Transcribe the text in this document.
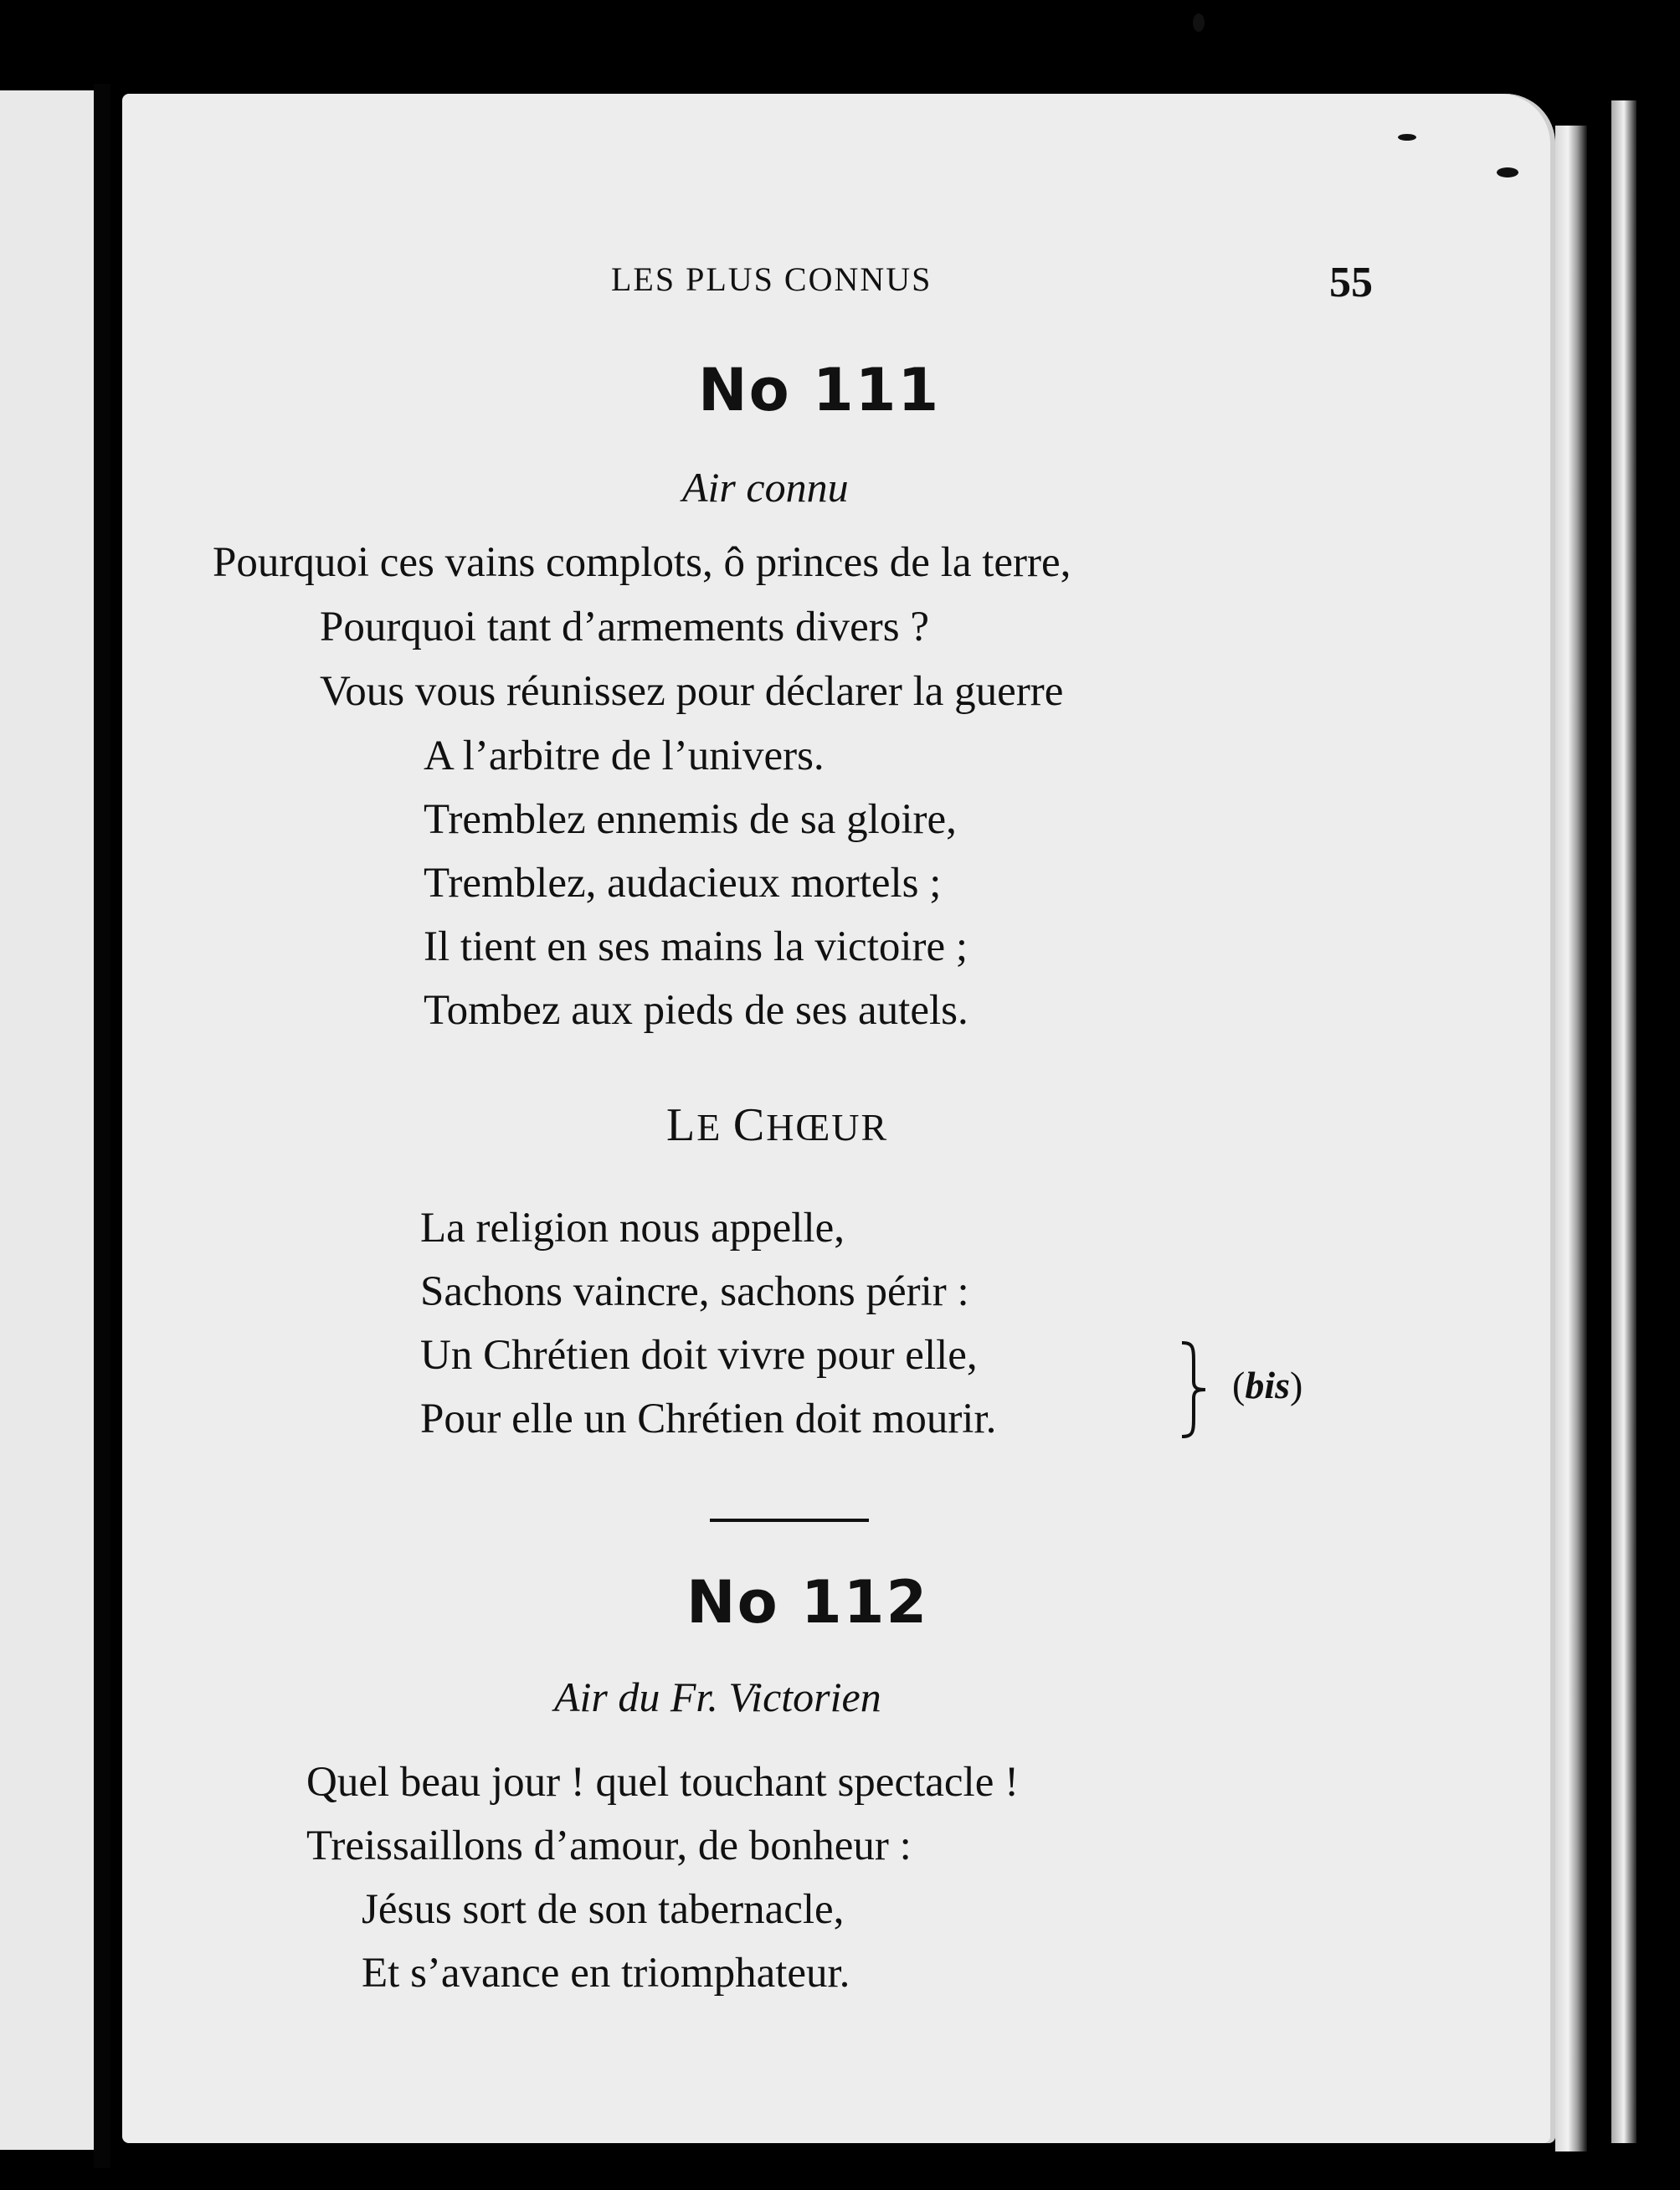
LES PLUS CONNUS	55
No 111
Air connu
Pourquoi ces vains complots, ô princes de la terre,
Pourquoi tant d’armements divers ?
Vous vous réunissez pour déclarer la guerre
A l’arbitre de l’univers.
Tremblez ennemis de sa gloire,
Tremblez, audacieux mortels ;
Il tient en ses mains la victoire ;
Tombez aux pieds de ses autels.
LE CHŒUR
La religion nous appelle,
Sachons vaincre, sachons périr :
Un Chrétien doit vivre pour elle,
Pour elle un Chrétien doit mourir.
(bis)
No 112
Air du Fr. Victorien
Quel beau jour ! quel touchant spectacle !
Treissaillons d’amour, de bonheur :
Jésus sort de son tabernacle,
Et s’avance en triomphateur.
